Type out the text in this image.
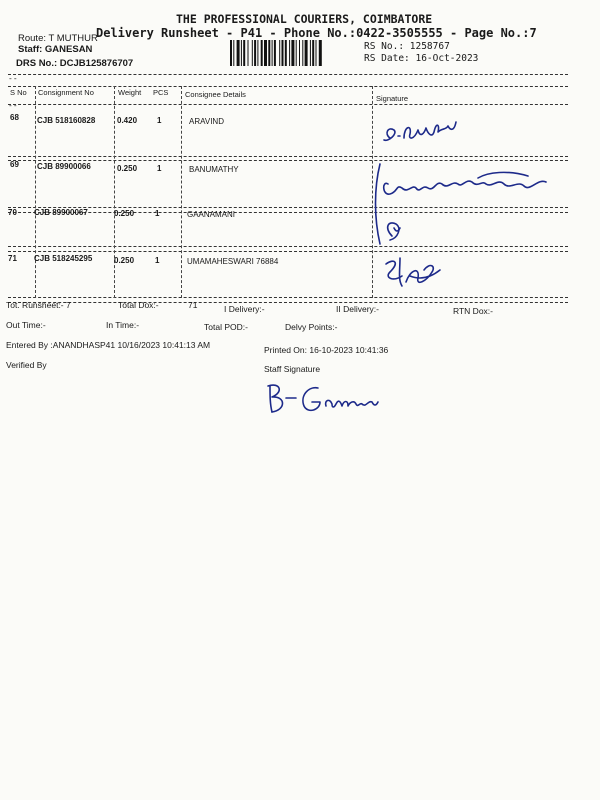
THE PROFESSIONAL COURIERS, COIMBATORE
Delivery Runsheet - P41 - Phone No.:0422-3505555 - Page No.:7
Route: T MUTHUR
Staff: GANESAN
DRS No.: DCJB125876707
RS No.: 1258767
RS Date: 16-Oct-2023
--
--
S No Consignment No	Weight PCS Consignee Details	Signature
68 CJB 518160828	0.420 1	ARAVIND
69 CJB 89900066	0.250 1	BANUMATHY
70 CJB 89900067	0.250	1	GAANAMANI
71 CJB 518245295	0.250	1	UMAMAHESWARI 76884
Tot. Runsheet:- 7	Total Dox:-	71	I Delivery:-	II Delivery:-	RTN Dox:-
Out Time:-	In Time:-	Total POD:-	Delvy Points:-
Entered By :ANANDHASP41 10/16/2023 10:41:13 AM	Printed On: 16-10-2023 10:41:36
Verified By	Staff Signature
